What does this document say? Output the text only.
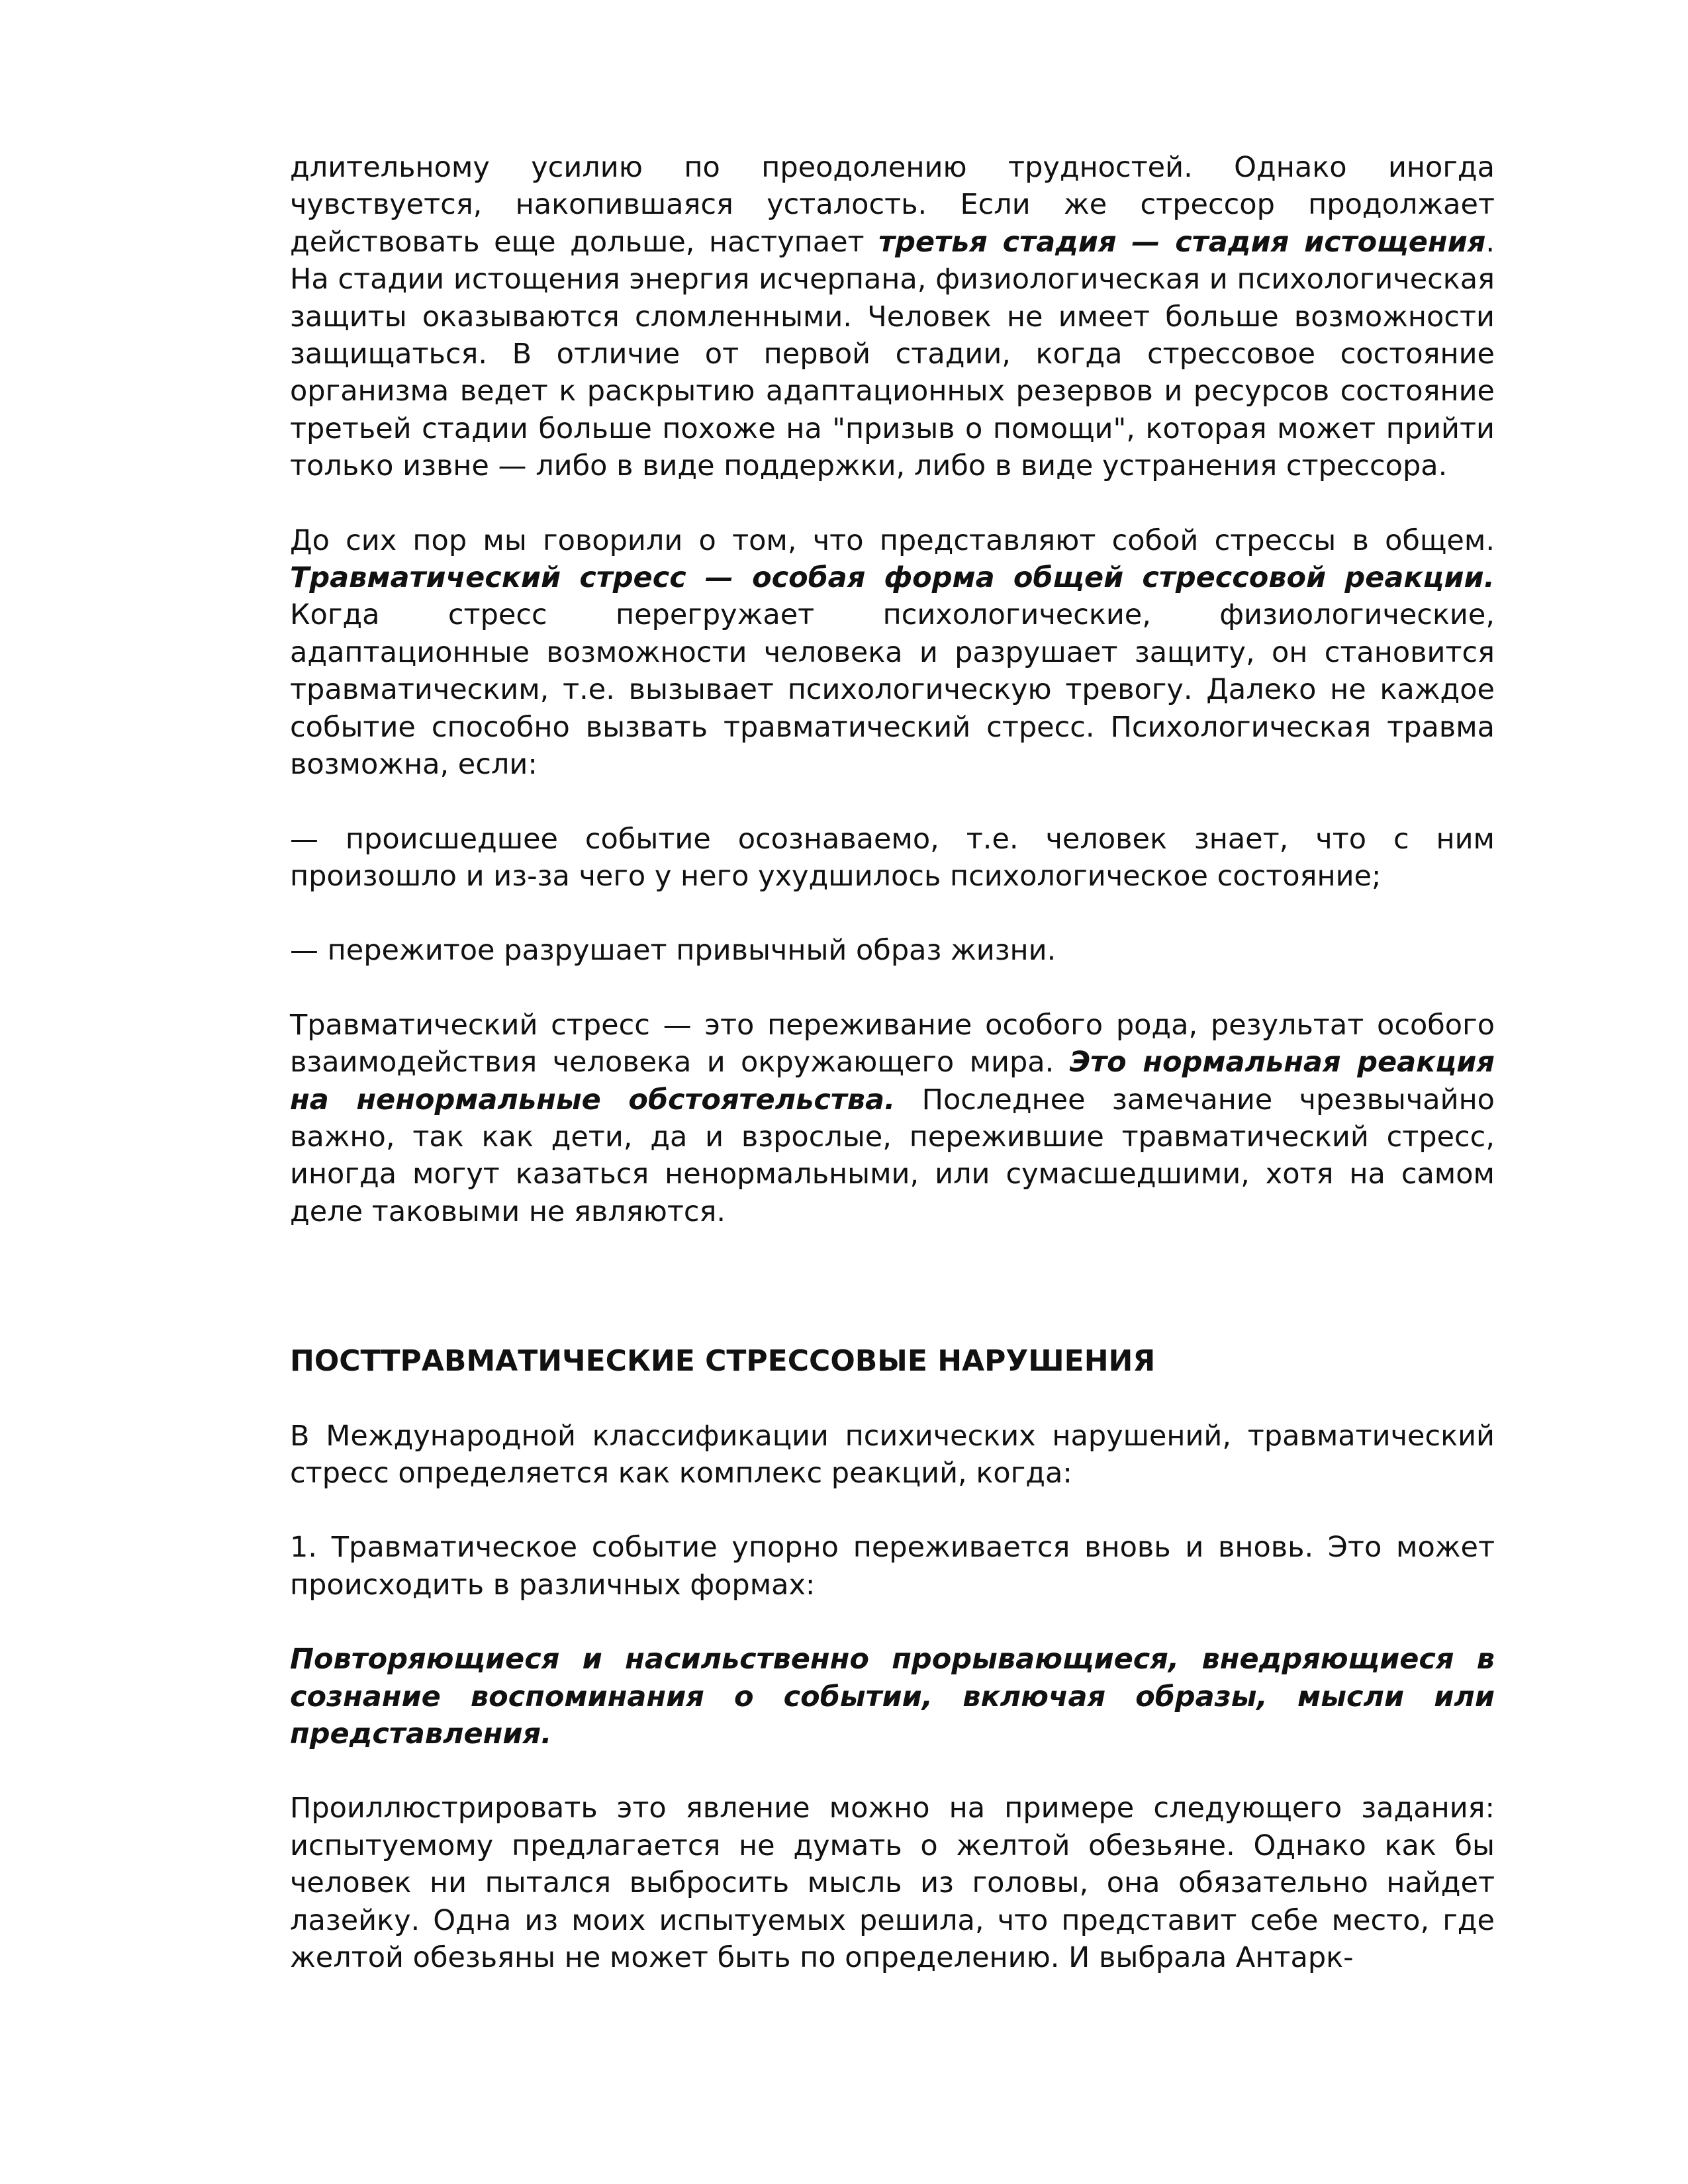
длительному усилию по преодолению трудностей. Однако иногда чувствуется, накопившаяся усталость. Если же стрессор продолжает действовать еще дольше, наступает третья стадия — стадия истощения. На стадии истощения энергия исчерпана, физиологическая и психологическая защиты оказываются сломленными. Человек не имеет больше возможности защищаться. В отличие от первой стадии, когда стрессовое состояние организма ведет к раскрытию адаптационных резервов и ресурсов состояние третьей стадии больше похоже на "призыв о помощи", которая может прийти только извне — либо в виде поддержки, либо в виде устранения стрессора.

До сих пор мы говорили о том, что представляют собой стрессы в общем. Травматический стресс — особая форма общей стрессовой реакции. Когда стресс перегружает психологические, физиологические, адаптационные возможности человека и разрушает защиту, он становится травматическим, т.е. вызывает психологическую тревогу. Далеко не каждое событие способно вызвать травматический стресс. Психологическая травма возможна, если:

— происшедшее событие осознаваемо, т.е. человек знает, что с ним произошло и из-за чего у него ухудшилось психологическое состояние;

— пережитое разрушает привычный образ жизни.

Травматический стресс — это переживание особого рода, результат особого взаимодействия человека и окружающего мира. Это нормальная реакция на ненормальные обстоятельства. Последнее замечание чрезвычайно важно, так как дети, да и взрослые, пережившие травматический стресс, иногда могут казаться ненормальными, или сумасшедшими, хотя на самом деле таковыми не являются.

ПОСТТРАВМАТИЧЕСКИЕ СТРЕССОВЫЕ НАРУШЕНИЯ

В Международной классификации психических нарушений, травматический стресс определяется как комплекс реакций, когда:

1. Травматическое событие упорно переживается вновь и вновь. Это может происходить в различных формах:

Повторяющиеся и насильственно прорывающиеся, внедряющиеся в сознание воспоминания о событии, включая образы, мысли или представления.

Проиллюстрировать это явление можно на примере следующего задания: испытуемому предлагается не думать о желтой обезьяне. Однако как бы человек ни пытался выбросить мысль из головы, она обязательно найдет лазейку. Одна из моих испытуемых решила, что представит себе место, где желтой обезьяны не может быть по определению. И выбрала Антарк-
